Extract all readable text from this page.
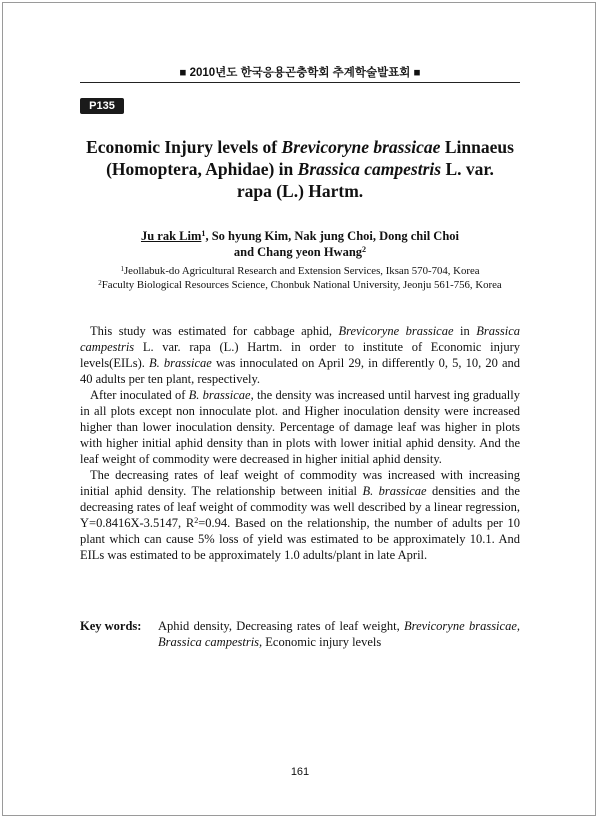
■ 2010년도 한국응용곤충학회 추계학술발표회 ■
P135
Economic Injury levels of Brevicoryne brassicae Linnaeus
(Homoptera, Aphidae) in Brassica campestris L. var.
rapa (L.) Hartm.
Ju rak Lim$^1$, So hyung Kim, Nak jung Choi, Dong chil Choi
and Chang yeon Hwang$^2$
$^1$Jeollabuk-do Agricultural Research and Extension Services, Iksan 570-704, Korea
$^2$Faculty Biological Resources Science, Chonbuk National University, Jeonju 561-756, Korea

This study was estimated for cabbage aphid, Brevicoryne brassicae in Brassica campestris L. var. rapa (L.) Hartm. in order to institute of Economic injury levels(EILs). B. brassicae was innoculated on April 29, in differently 0, 5, 10, 20 and 40 adults per ten plant, respectively.

After inoculated of B. brassicae, the density was increased until harvest ing gradually in all plots except non innoculate plot. and Higher inoculation density were increased higher than lower inoculation density. Percentage of damage leaf was higher in plots with higher initial aphid density than in plots with lower initial aphid density. And the leaf weight of commodity were decreased in higher initial aphid density.

The decreasing rates of leaf weight of commodity was increased with increasing initial aphid density. The relationship between initial B. brassicae densities and the decreasing rates of leaf weight of commodity was well described by a linear regression, Y=0.8416X-3.5147, $R^2=0.94$. Based on the relationship, the number of adults per 10 plant which can cause 5% loss of yield was estimated to be approximately 10.1. And EILs was estimated to be approximately 1.0 adults/plant in late April.

Key words:	Aphid density, Decreasing rates of leaf weight, Brevicoryne brassicae, Brassica campestris, Economic injury levels
161
